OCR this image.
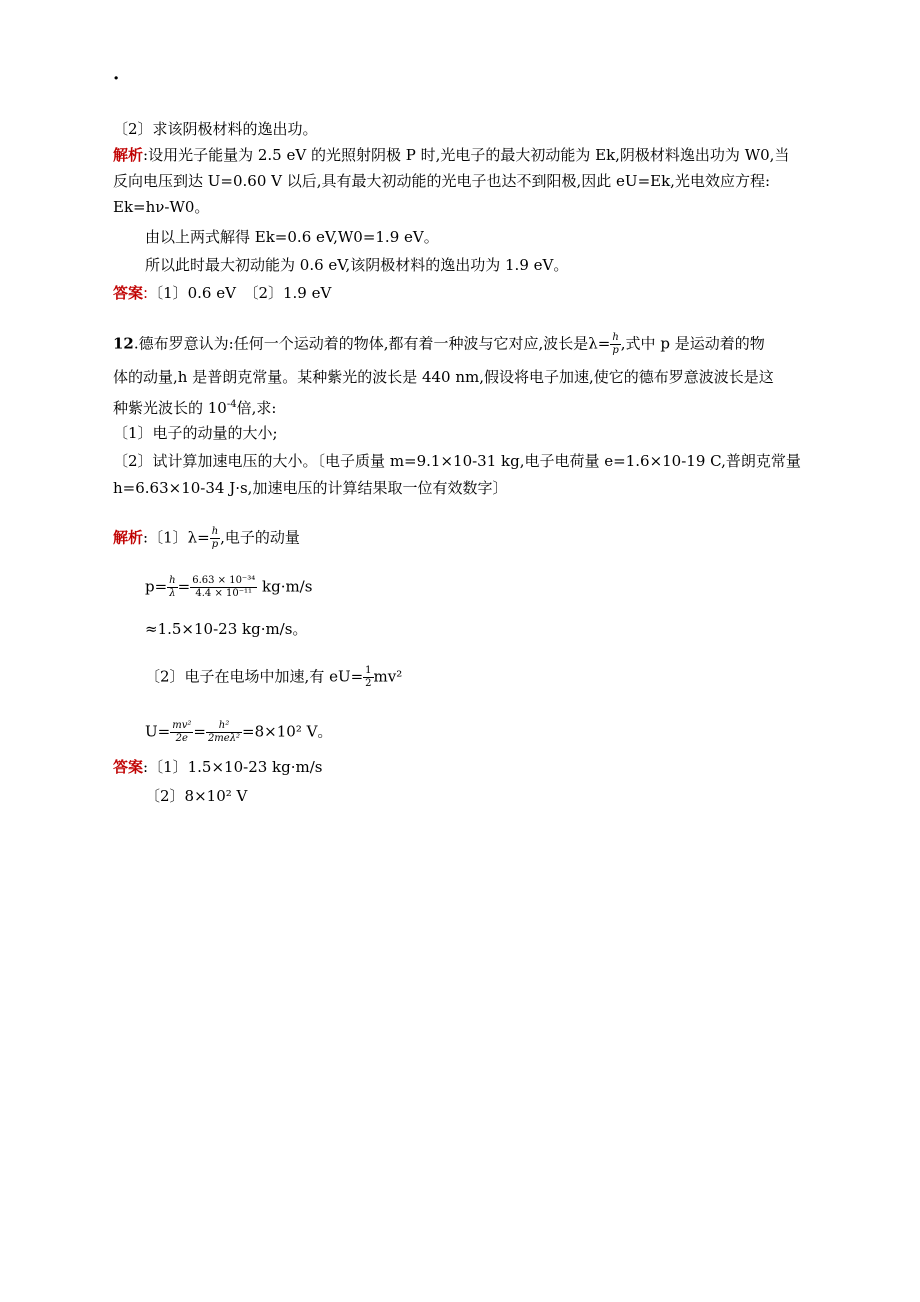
·
〔2〕求该阴极材料的逸出功。
解析:设用光子能量为 2.5 eV 的光照射阴极 P 时,光电子的最大初动能为 Ek,阴极材料逸出功为 W0,当
反向电压到达 U=0.60 V 以后,具有最大初动能的光电子也达不到阳极,因此 eU=Ek,光电效应方程:
Ek=hν-W0。
由以上两式解得 Ek=0.6 eV,W0=1.9 eV。
所以此时最大初动能为 0.6 eV,该阴极材料的逸出功为 1.9 eV。
答案:〔1〕0.6 eV　〔2〕1.9 eV
12.德布罗意认为:任何一个运动着的物体,都有着一种波与它对应,波长是$\lambda= \frac{h}{p}$ ,式中 p 是运动着的物
体的动量,h 是普朗克常量。某种紫光的波长是 440 nm,假设将电子加速,使它的德布罗意波波长是这
种紫光波长的 $10^{-4}$倍,求:
〔1〕电子的动量的大小;
〔2〕试计算加速电压的大小。〔电子质量 m=9.1×10-31 kg,电子电荷量 e=1.6×10-19 C,普朗克常量
h=6.63×10-34 J·s,加速电压的计算结果取一位有效数字〕
解析:〔1〕$\lambda= \frac{h}{p}$ ,电子的动量
$p= \frac{h}{\lambda} = \frac{\text{6.63 × 10⁻³⁴}}{\text{4.4 × 10⁻¹¹}} kg\cdot m/s$
≈1.5×10-23 kg·m/s。
〔2〕电子在电场中加速,有 $eU= \frac{1}{2} mv^2$
$U= \frac{\text{mv²}}{2e} = \frac{\text{h²}}{\text{2meλ²}} =8\times 10^2$ V。
答案:〔1〕1.5×10-23 kg·m/s
〔2〕8×10² V
